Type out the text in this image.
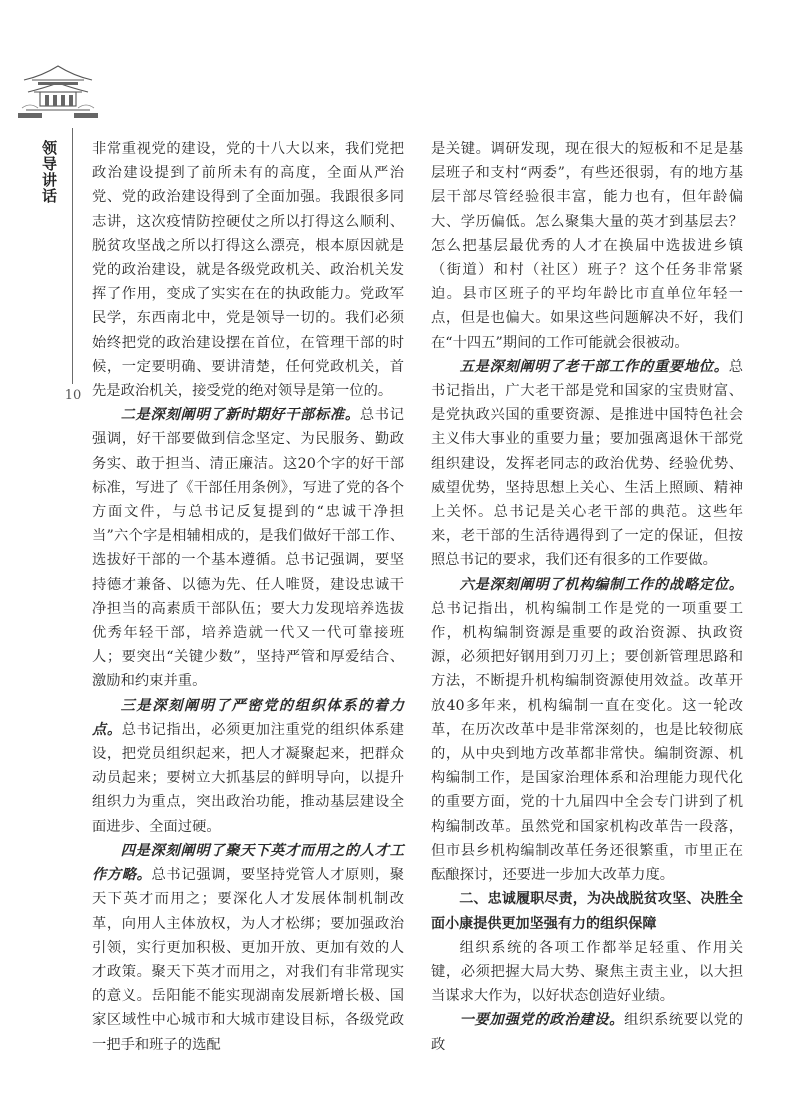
领导讲话
10

非常重视党的建设，党的十八大以来，我们党把政治建设提到了前所未有的高度，全面从严治党、党的政治建设得到了全面加强。我跟很多同志讲，这次疫情防控硬仗之所以打得这么顺利、脱贫攻坚战之所以打得这么漂亮，根本原因就是党的政治建设，就是各级党政机关、政治机关发挥了作用，变成了实实在在的执政能力。党政军民学，东西南北中，党是领导一切的。我们必须始终把党的政治建设摆在首位，在管理干部的时候，一定要明确、要讲清楚，任何党政机关，首先是政治机关，接受党的绝对领导是第一位的。

二是深刻阐明了新时期好干部标准。总书记强调，好干部要做到信念坚定、为民服务、勤政务实、敢于担当、清正廉洁。这20个字的好干部标准，写进了《干部任用条例》，写进了党的各个方面文件，与总书记反复提到的“忠诚干净担当”六个字是相辅相成的，是我们做好干部工作、选拔好干部的一个基本遵循。总书记强调，要坚持德才兼备、以德为先、任人唯贤，建设忠诚干净担当的高素质干部队伍；要大力发现培养选拔优秀年轻干部，培养造就一代又一代可靠接班人；要突出“关键少数”，坚持严管和厚爱结合、激励和约束并重。

三是深刻阐明了严密党的组织体系的着力点。总书记指出，必须更加注重党的组织体系建设，把党员组织起来，把人才凝聚起来，把群众动员起来；要树立大抓基层的鲜明导向，以提升组织力为重点，突出政治功能，推动基层建设全面进步、全面过硬。

四是深刻阐明了聚天下英才而用之的人才工作方略。总书记强调，要坚持党管人才原则，聚天下英才而用之；要深化人才发展体制机制改革，向用人主体放权，为人才松绑；要加强政治引领，实行更加积极、更加开放、更加有效的人才政策。聚天下英才而用之，对我们有非常现实的意义。岳阳能不能实现湖南发展新增长极、国家区域性中心城市和大城市建设目标，各级党政一把手和班子的选配

是关键。调研发现，现在很大的短板和不足是基层班子和支村“两委”，有些还很弱，有的地方基层干部尽管经验很丰富，能力也有，但年龄偏大、学历偏低。怎么聚集大量的英才到基层去？怎么把基层最优秀的人才在换届中选拔进乡镇（街道）和村（社区）班子？这个任务非常紧迫。县市区班子的平均年龄比市直单位年轻一点，但是也偏大。如果这些问题解决不好，我们在“十四五”期间的工作可能就会很被动。

五是深刻阐明了老干部工作的重要地位。总书记指出，广大老干部是党和国家的宝贵财富、是党执政兴国的重要资源、是推进中国特色社会主义伟大事业的重要力量；要加强离退休干部党组织建设，发挥老同志的政治优势、经验优势、威望优势，坚持思想上关心、生活上照顾、精神上关怀。总书记是关心老干部的典范。这些年来，老干部的生活待遇得到了一定的保证，但按照总书记的要求，我们还有很多的工作要做。

六是深刻阐明了机构编制工作的战略定位。总书记指出，机构编制工作是党的一项重要工作，机构编制资源是重要的政治资源、执政资源，必须把好钢用到刀刃上；要创新管理思路和方法，不断提升机构编制资源使用效益。改革开放40多年来，机构编制一直在变化。这一轮改革，在历次改革中是非常深刻的，也是比较彻底的，从中央到地方改革都非常快。编制资源、机构编制工作，是国家治理体系和治理能力现代化的重要方面，党的十九届四中全会专门讲到了机构编制改革。虽然党和国家机构改革告一段落，但市县乡机构编制改革任务还很繁重，市里正在酝酿探讨，还要进一步加大改革力度。

二、忠诚履职尽责，为决战脱贫攻坚、决胜全面小康提供更加坚强有力的组织保障

组织系统的各项工作都举足轻重、作用关键，必须把握大局大势、聚焦主责主业，以大担当谋求大作为，以好状态创造好业绩。

一要加强党的政治建设。组织系统要以党的政
